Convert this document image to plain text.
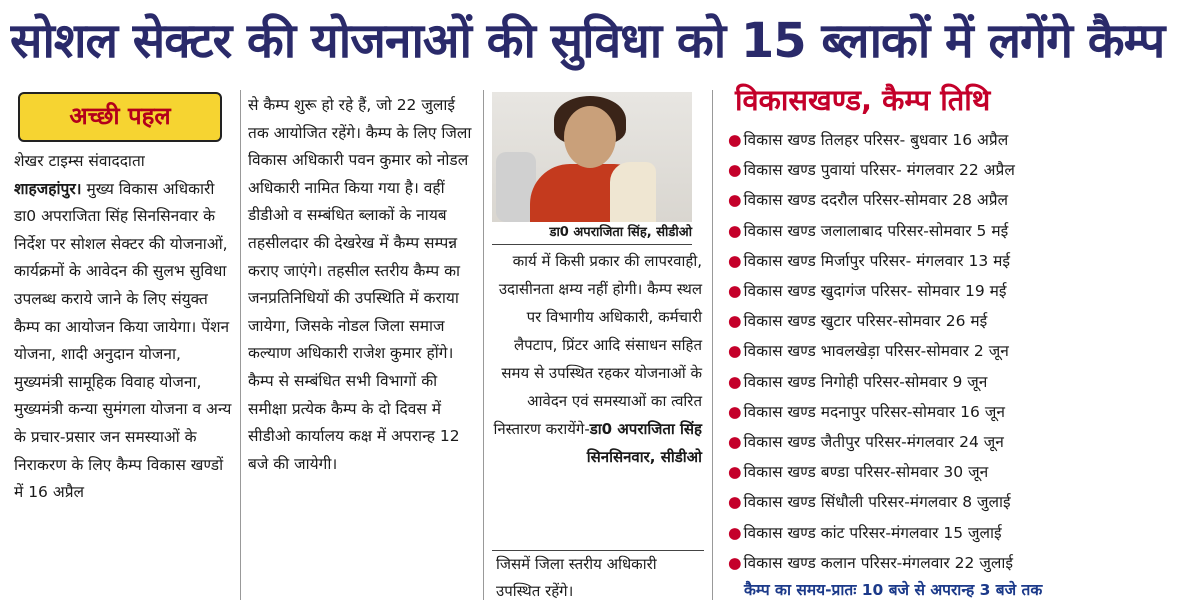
सोशल सेक्टर की योजनाओं की सुविधा को 15 ब्लाकों में लगेंगे कैम्प
अच्छी पहल
शेखर टाइम्स संवाददाता

शाहजहांपुर। मुख्य विकास अधिकारी डा0 अपराजिता सिंह सिनसिनवार के निर्देश पर सोशल सेक्टर की योजनाओं, कार्यक्रमों के आवेदन की सुलभ सुविधा उपलब्ध कराये जाने के लिए संयुक्त कैम्प का आयोजन किया जायेगा। पेंशन योजना, शादी अनुदान योजना, मुख्यमंत्री सामूहिक विवाह योजना, मुख्यमंत्री कन्या सुमंगला योजना व अन्य के प्रचार-प्रसार जन समस्याओं के निराकरण के लिए कैम्प विकास खण्डों में 16 अप्रैल

से कैम्प शुरू हो रहे हैं, जो 22 जुलाई तक आयोजित रहेंगे। कैम्प के लिए जिला विकास अधिकारी पवन कुमार को नोडल अधिकारी नामित किया गया है। वहीं डीडीओ व सम्बंधित ब्लाकों के नायब तहसीलदार की देखरेख में कैम्प सम्पन्न कराए जाएंगे। तहसील स्तरीय कैम्प का जनप्रतिनिधियों की उपस्थिति में कराया जायेगा, जिसके नोडल जिला समाज कल्याण अधिकारी राजेश कुमार होंगे। कैम्प से सम्बंधित सभी विभागों की समीक्षा प्रत्येक कैम्प के दो दिवस में सीडीओ कार्यालय कक्ष में अपरान्ह 12 बजे की जायेगी।

डा0 अपराजिता सिंह, सीडीओ

कार्य में किसी प्रकार की लापरवाही, उदासीनता क्षम्य नहीं होगी। कैम्प स्थल पर विभागीय अधिकारी, कर्मचारी लैपटाप, प्रिंटर आदि संसाधन सहित समय से उपस्थित रहकर योजनाओं के आवेदन एवं समस्याओं का त्वरित निस्तारण करायेंगे-डा0 अपराजिता सिंह सिनसिनवार, सीडीओ

जिसमें जिला स्तरीय अधिकारी उपस्थित रहेंगे।
विकासखण्ड, कैम्प तिथि
● विकास खण्ड तिलहर परिसर- बुधवार 16 अप्रैल
● विकास खण्ड पुवायां परिसर- मंगलवार 22 अप्रैल
● विकास खण्ड ददरौल परिसर-सोमवार 28 अप्रैल
● विकास खण्ड जलालाबाद परिसर-सोमवार 5 मई
● विकास खण्ड मिर्जापुर परिसर- मंगलवार 13 मई
● विकास खण्ड खुदागंज परिसर- सोमवार 19 मई
● विकास खण्ड खुटार परिसर-सोमवार 26 मई
● विकास खण्ड भावलखेड़ा परिसर-सोमवार 2 जून
● विकास खण्ड निगोही परिसर-सोमवार 9 जून
● विकास खण्ड मदनापुर परिसर-सोमवार 16 जून
● विकास खण्ड जैतीपुर परिसर-मंगलवार 24 जून
● विकास खण्ड बण्डा परिसर-सोमवार 30 जून
● विकास खण्ड सिंधौली परिसर-मंगलवार 8 जुलाई
● विकास खण्ड कांट परिसर-मंगलवार 15 जुलाई
● विकास खण्ड कलान परिसर-मंगलवार 22 जुलाई
कैम्प का समय-प्रातः 10 बजे से अपरान्ह 3 बजे तक
